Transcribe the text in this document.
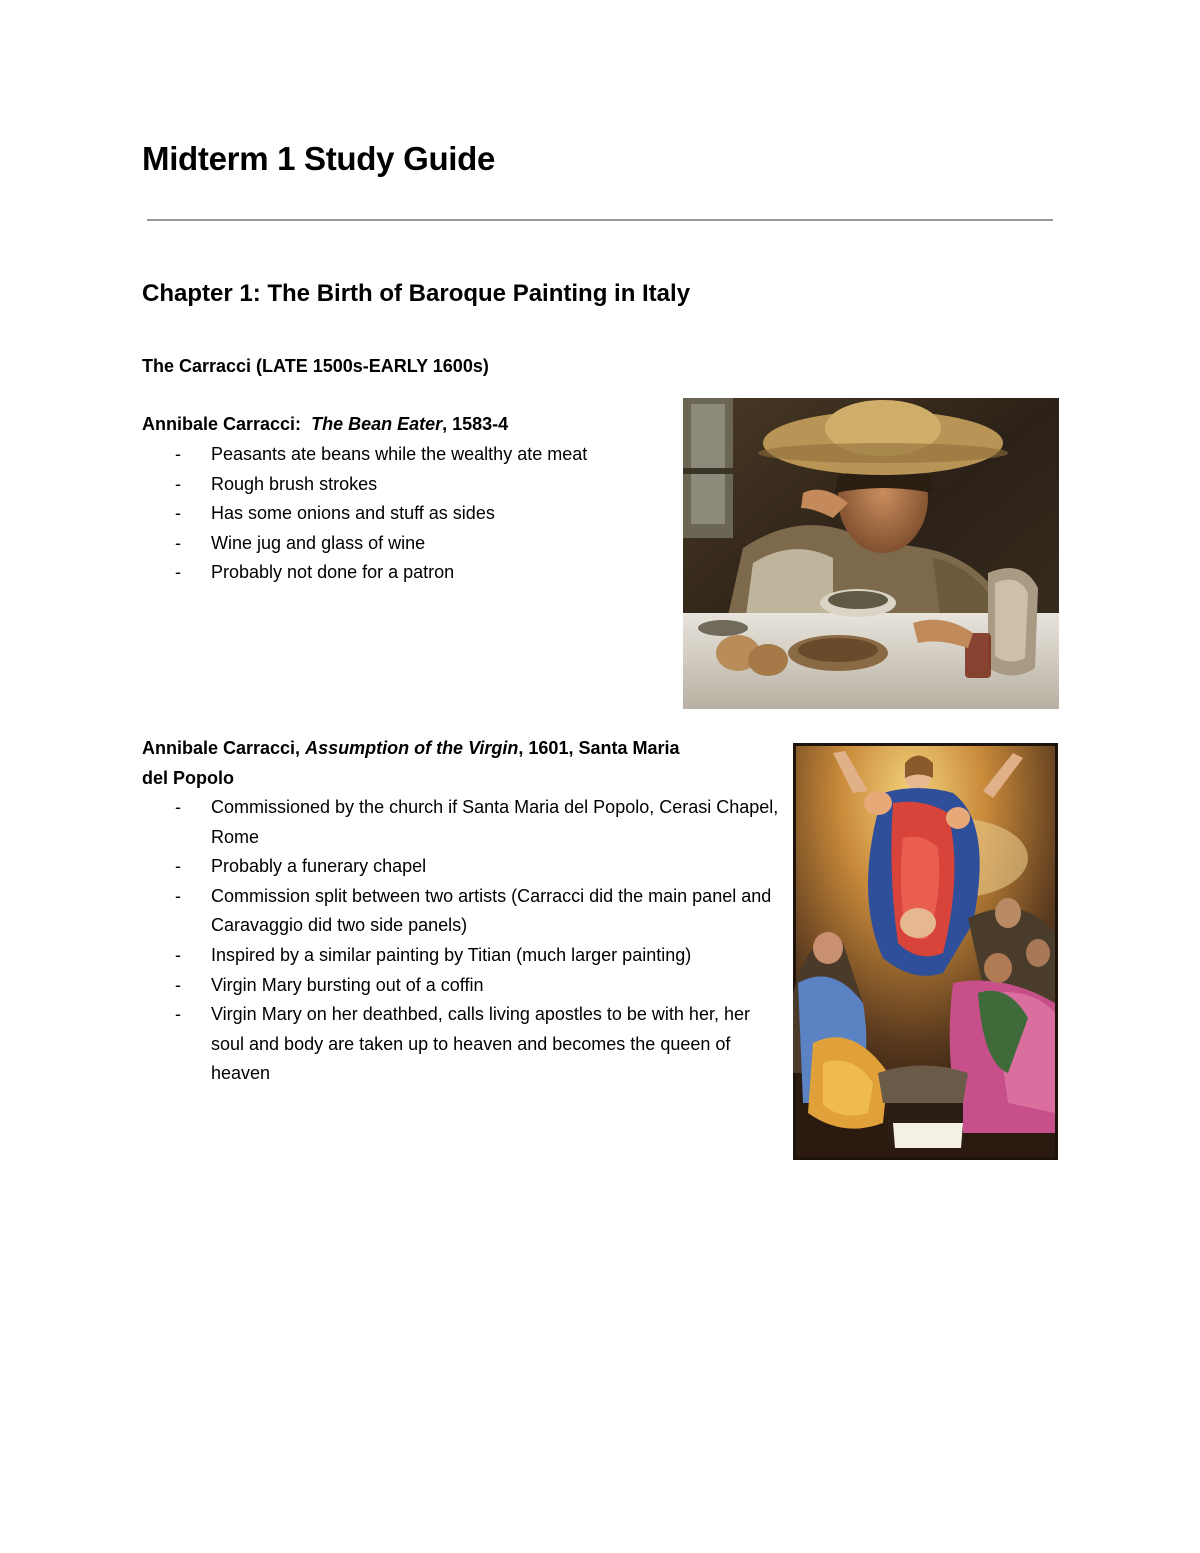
Midterm 1 Study Guide
Chapter 1: The Birth of Baroque Painting in Italy
The Carracci (LATE 1500s-EARLY 1600s)

Annibale Carracci: The Bean Eater, 1583-4

- Peasants ate beans while the wealthy ate meat
- Rough brush strokes
- Has some onions and stuff as sides
- Wine jug and glass of wine
- Probably not done for a patron

Annibale Carracci, Assumption of the Virgin, 1601, Santa Maria
del Popolo

- Commissioned by the church if Santa Maria del Popolo, Cerasi Chapel, Rome
- Probably a funerary chapel
- Commission split between two artists (Carracci did the main panel and Caravaggio did two side panels)
- Inspired by a similar painting by Titian (much larger painting)
- Virgin Mary bursting out of a coffin
- Virgin Mary on her deathbed, calls living apostles to be with her, her soul and body are taken up to heaven and becomes the queen of heaven
